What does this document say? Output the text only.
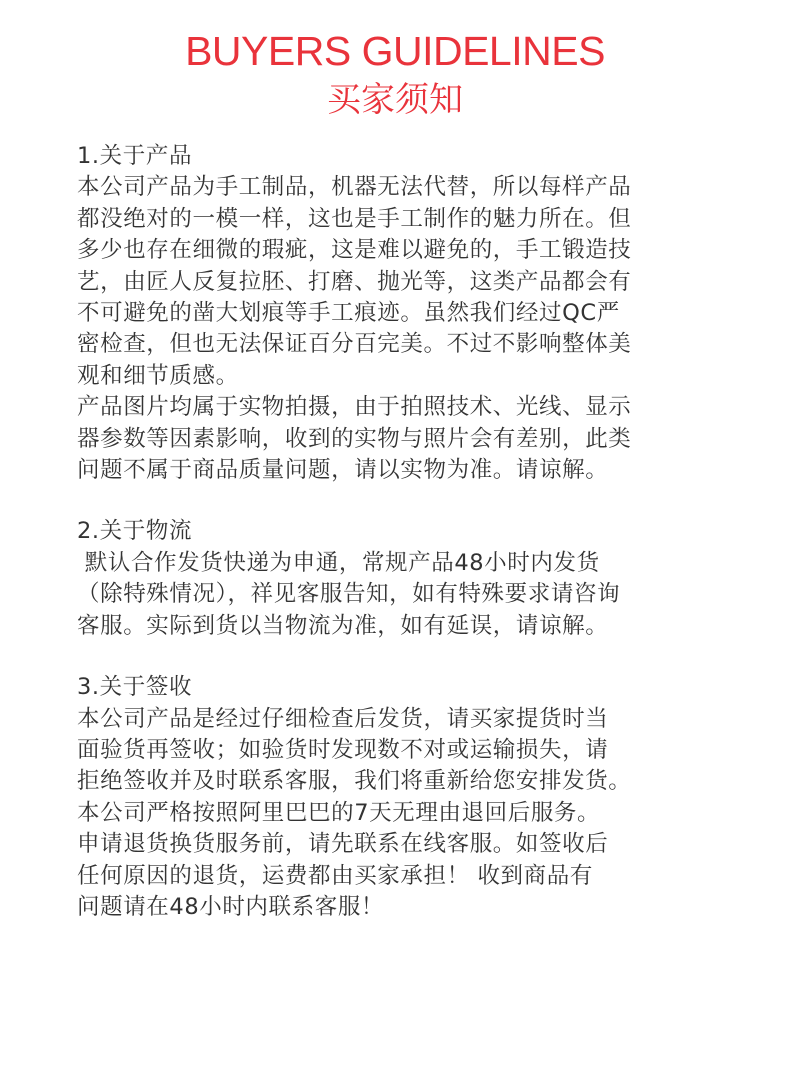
BUYERS GUIDELINES
买家须知
1.关于产品
本公司产品为手工制品，机器无法代替，所以每样产品
都没绝对的一模一样，这也是手工制作的魅力所在。但
多少也存在细微的瑕疵，这是难以避免的，手工锻造技
艺，由匠人反复拉胚、打磨、抛光等，这类产品都会有
不可避免的凿大划痕等手工痕迹。虽然我们经过QC严
密检查，但也无法保证百分百完美。不过不影响整体美
观和细节质感。
产品图片均属于实物拍摄，由于拍照技术、光线、显示
器参数等因素影响，收到的实物与照片会有差别，此类
问题不属于商品质量问题，请以实物为准。请谅解。
2.关于物流
默认合作发货快递为申通，常规产品48小时内发货
（除特殊情况），祥见客服告知，如有特殊要求请咨询
客服。实际到货以当物流为准，如有延误，请谅解。
3.关于签收
本公司产品是经过仔细检查后发货，请买家提货时当
面验货再签收；如验货时发现数不对或运输损失，请
拒绝签收并及时联系客服，我们将重新给您安排发货。
本公司严格按照阿里巴巴的7天无理由退回后服务。
申请退货换货服务前，请先联系在线客服。如签收后
任何原因的退货，运费都由买家承担！ 收到商品有
问题请在48小时内联系客服！
